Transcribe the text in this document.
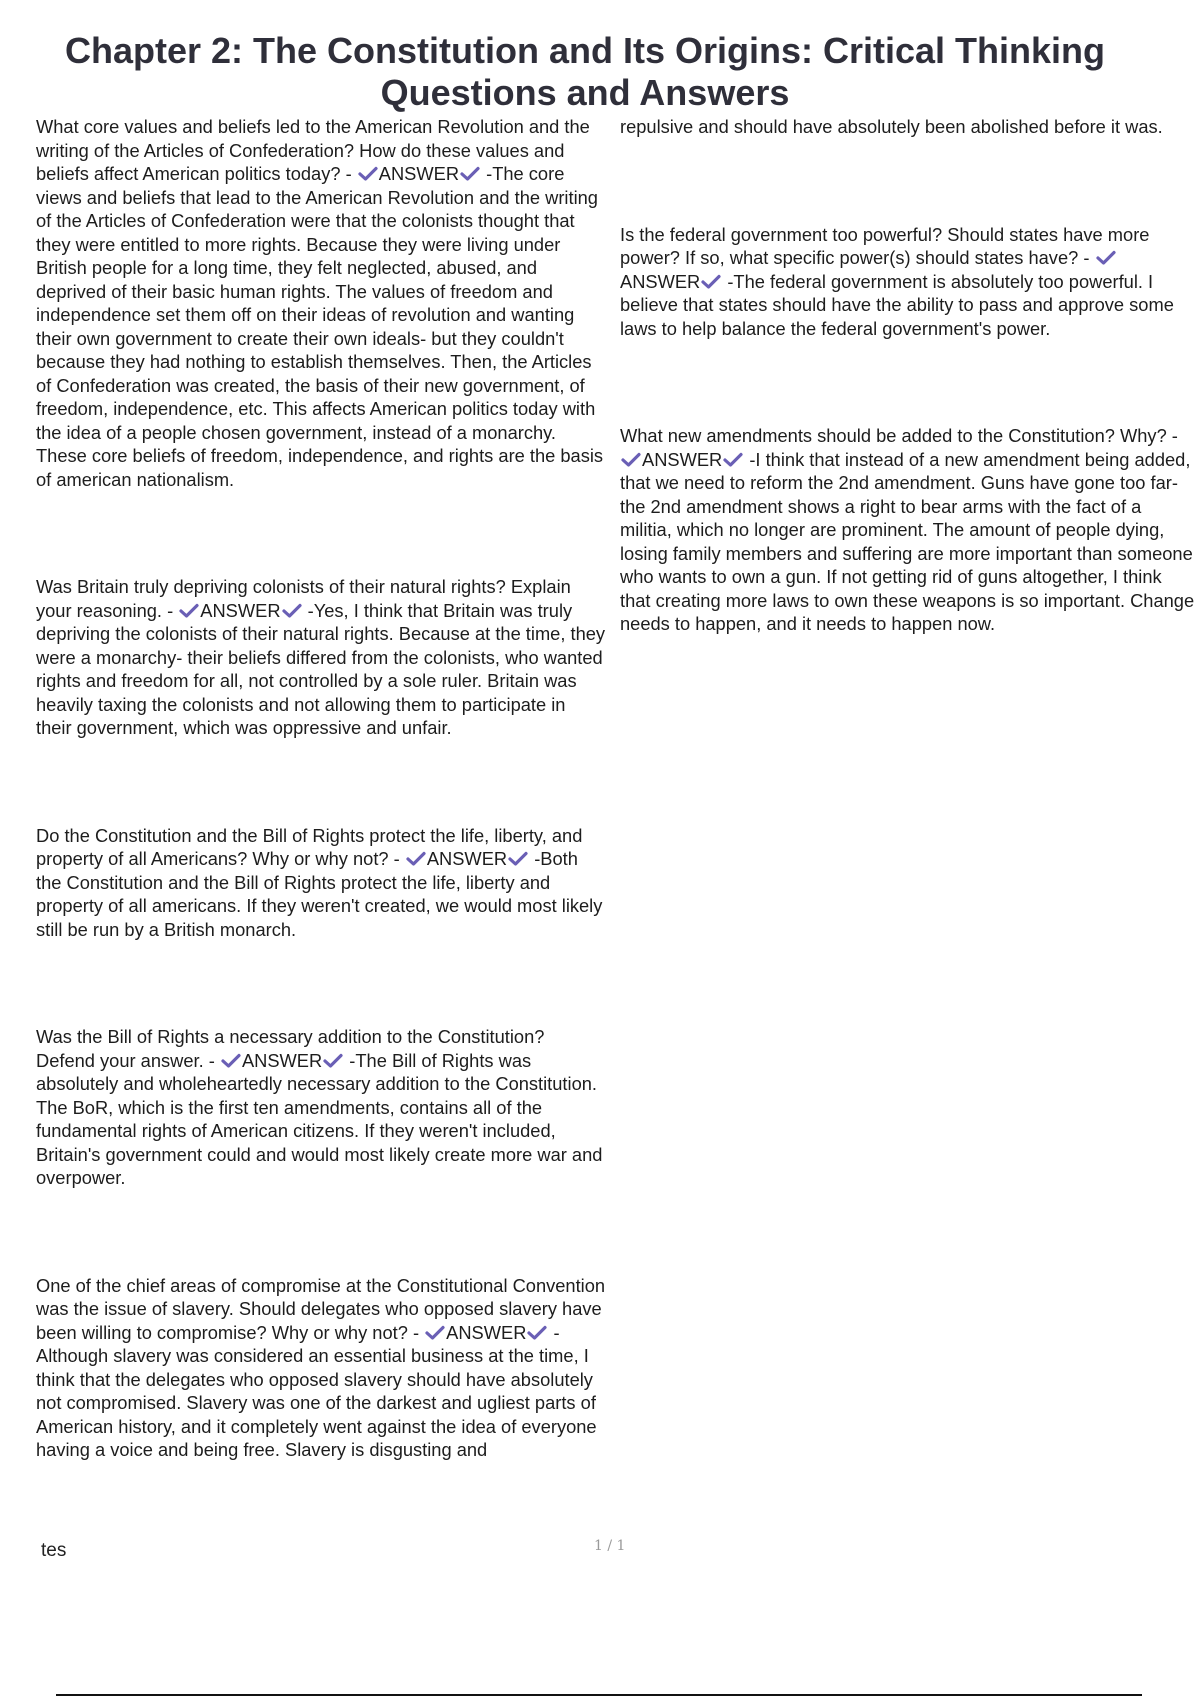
Chapter 2: The Constitution and Its Origins: Critical Thinking Questions and Answers
What core values and beliefs led to the American Revolution and the writing of the Articles of Confederation? How do these values and beliefs affect American politics today? - ANSWER -The core views and beliefs that lead to the American Revolution and the writing of the Articles of Confederation were that the colonists thought that they were entitled to more rights. Because they were living under British people for a long time, they felt neglected, abused, and deprived of their basic human rights. The values of freedom and independence set them off on their ideas of revolution and wanting their own government to create their own ideals- but they couldn't because they had nothing to establish themselves. Then, the Articles of Confederation was created, the basis of their new government, of freedom, independence, etc. This affects American politics today with the idea of a people chosen government, instead of a monarchy. These core beliefs of freedom, independence, and rights are the basis of american nationalism.
Was Britain truly depriving colonists of their natural rights? Explain your reasoning. - ANSWER -Yes, I think that Britain was truly depriving the colonists of their natural rights. Because at the time, they were a monarchy- their beliefs differed from the colonists, who wanted rights and freedom for all, not controlled by a sole ruler. Britain was heavily taxing the colonists and not allowing them to participate in their government, which was oppressive and unfair.
Do the Constitution and the Bill of Rights protect the life, liberty, and property of all Americans? Why or why not? - ANSWER -Both the Constitution and the Bill of Rights protect the life, liberty and property of all americans. If they weren't created, we would most likely still be run by a British monarch.
Was the Bill of Rights a necessary addition to the Constitution? Defend your answer. - ANSWER -The Bill of Rights was absolutely and wholeheartedly necessary addition to the Constitution. The BoR, which is the first ten amendments, contains all of the fundamental rights of American citizens. If they weren't included, Britain's government could and would most likely create more war and overpower.
One of the chief areas of compromise at the Constitutional Convention was the issue of slavery. Should delegates who opposed slavery have been willing to compromise? Why or why not? - ANSWER -Although slavery was considered an essential business at the time, I think that the delegates who opposed slavery should have absolutely not compromised. Slavery was one of the darkest and ugliest parts of American history, and it completely went against the idea of everyone having a voice and being free. Slavery is disgusting and
repulsive and should have absolutely been abolished before it was.
Is the federal government too powerful? Should states have more power? If so, what specific power(s) should states have? -
ANSWER -The federal government is absolutely too powerful. I believe that states should have the ability to pass and approve some laws to help balance the federal government's power.
What new amendments should be added to the Constitution? Why? -
ANSWER -I think that instead of a new amendment being added, that we need to reform the 2nd amendment. Guns have gone too far- the 2nd amendment shows a right to bear arms with the fact of a militia, which no longer are prominent. The amount of people dying, losing family members and suffering are more important than someone who wants to own a gun. If not getting rid of guns altogether, I think that creating more laws to own these weapons is so important. Change needs to happen, and it needs to happen now.
tes	1 / 1
